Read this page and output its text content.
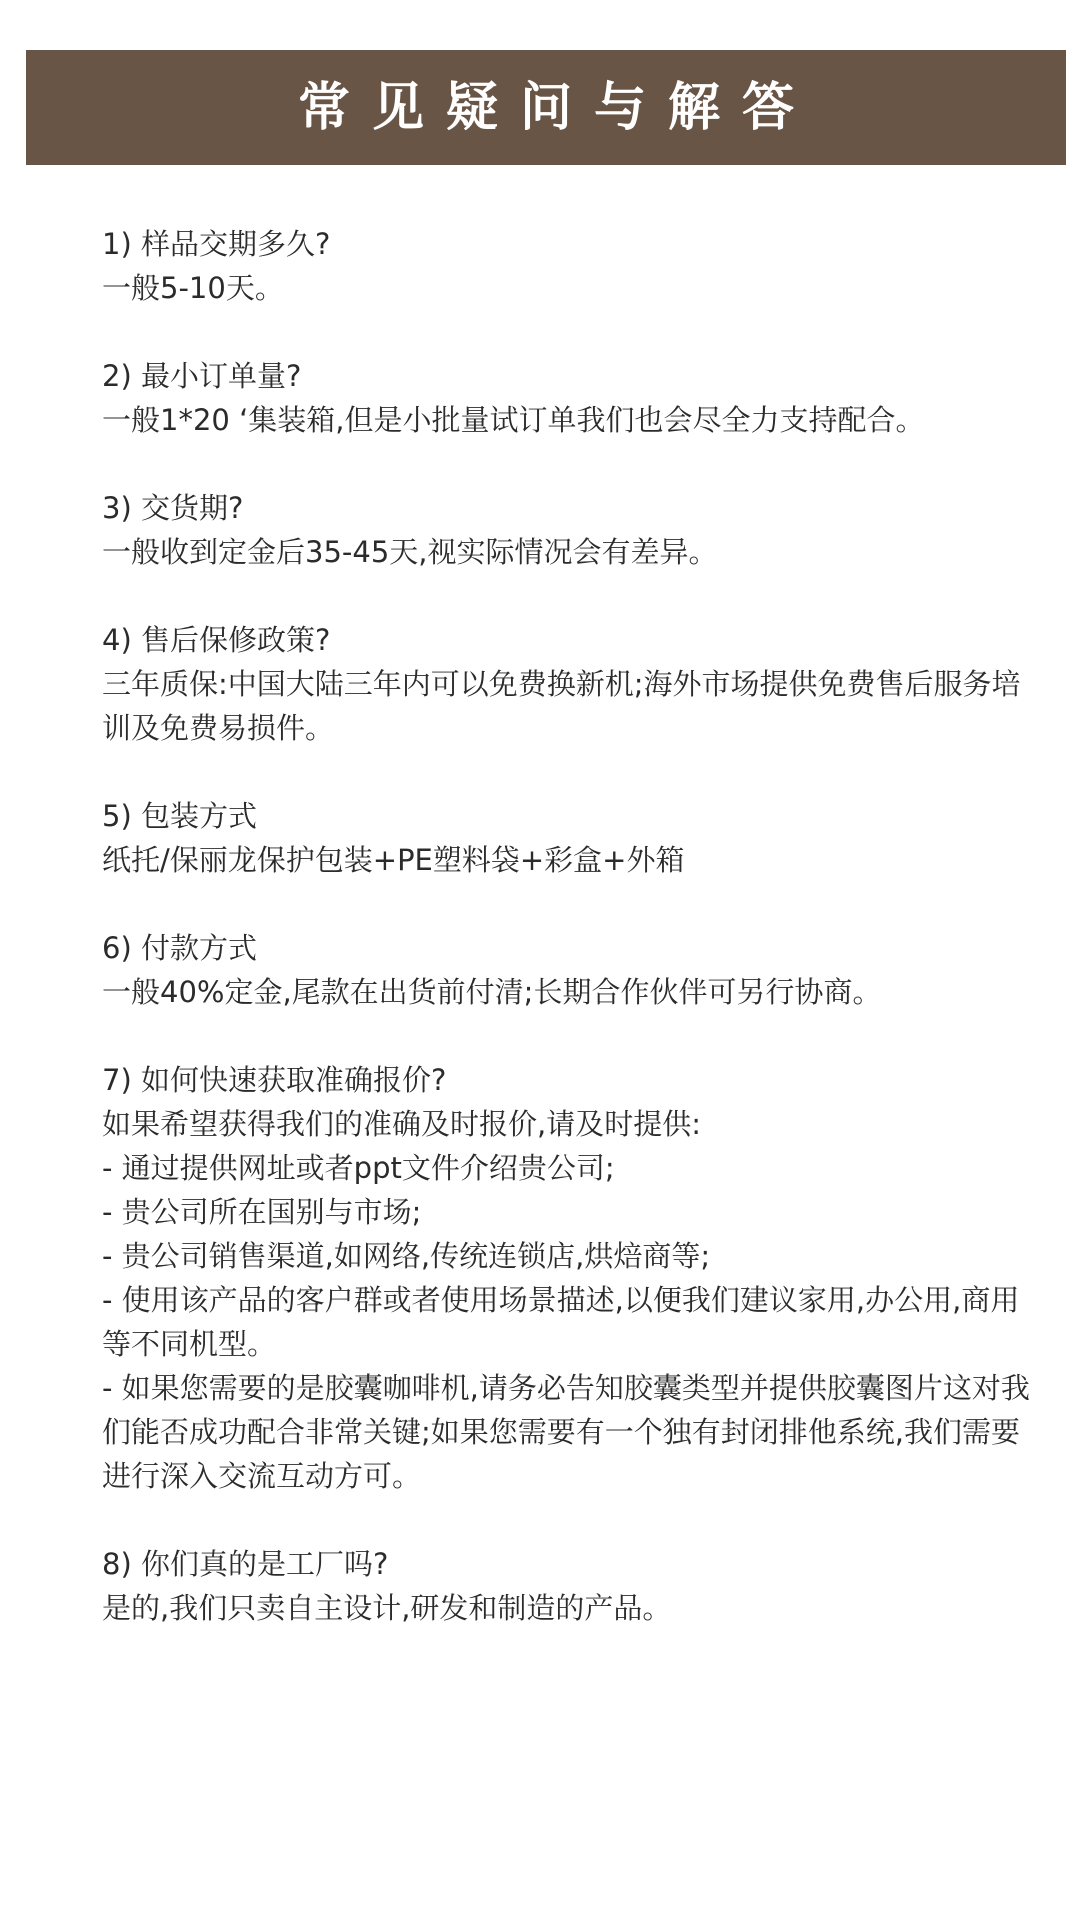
常见疑问与解答
1) 样品交期多久?
一般5-10天。
2) 最小订单量?
一般1*20 ‘集装箱,但是小批量试订单我们也会尽全力支持配合。
3) 交货期?
一般收到定金后35-45天,视实际情况会有差异。
4) 售后保修政策?
三年质保:中国大陆三年内可以免费换新机;海外市场提供免费售后服务培训及免费易损件。
5) 包装方式
纸托/保丽龙保护包装+PE塑料袋+彩盒+外箱
6) 付款方式
一般40%定金,尾款在出货前付清;长期合作伙伴可另行协商。
7) 如何快速获取准确报价?
如果希望获得我们的准确及时报价,请及时提供:
- 通过提供网址或者ppt文件介绍贵公司;
- 贵公司所在国别与市场;
- 贵公司销售渠道,如网络,传统连锁店,烘焙商等;
- 使用该产品的客户群或者使用场景描述,以便我们建议家用,办公用,商用等不同机型。
- 如果您需要的是胶囊咖啡机,请务必告知胶囊类型并提供胶囊图片这对我们能否成功配合非常关键;如果您需要有一个独有封闭排他系统,我们需要进行深入交流互动方可。
8) 你们真的是工厂吗?
是的,我们只卖自主设计,研发和制造的产品。
